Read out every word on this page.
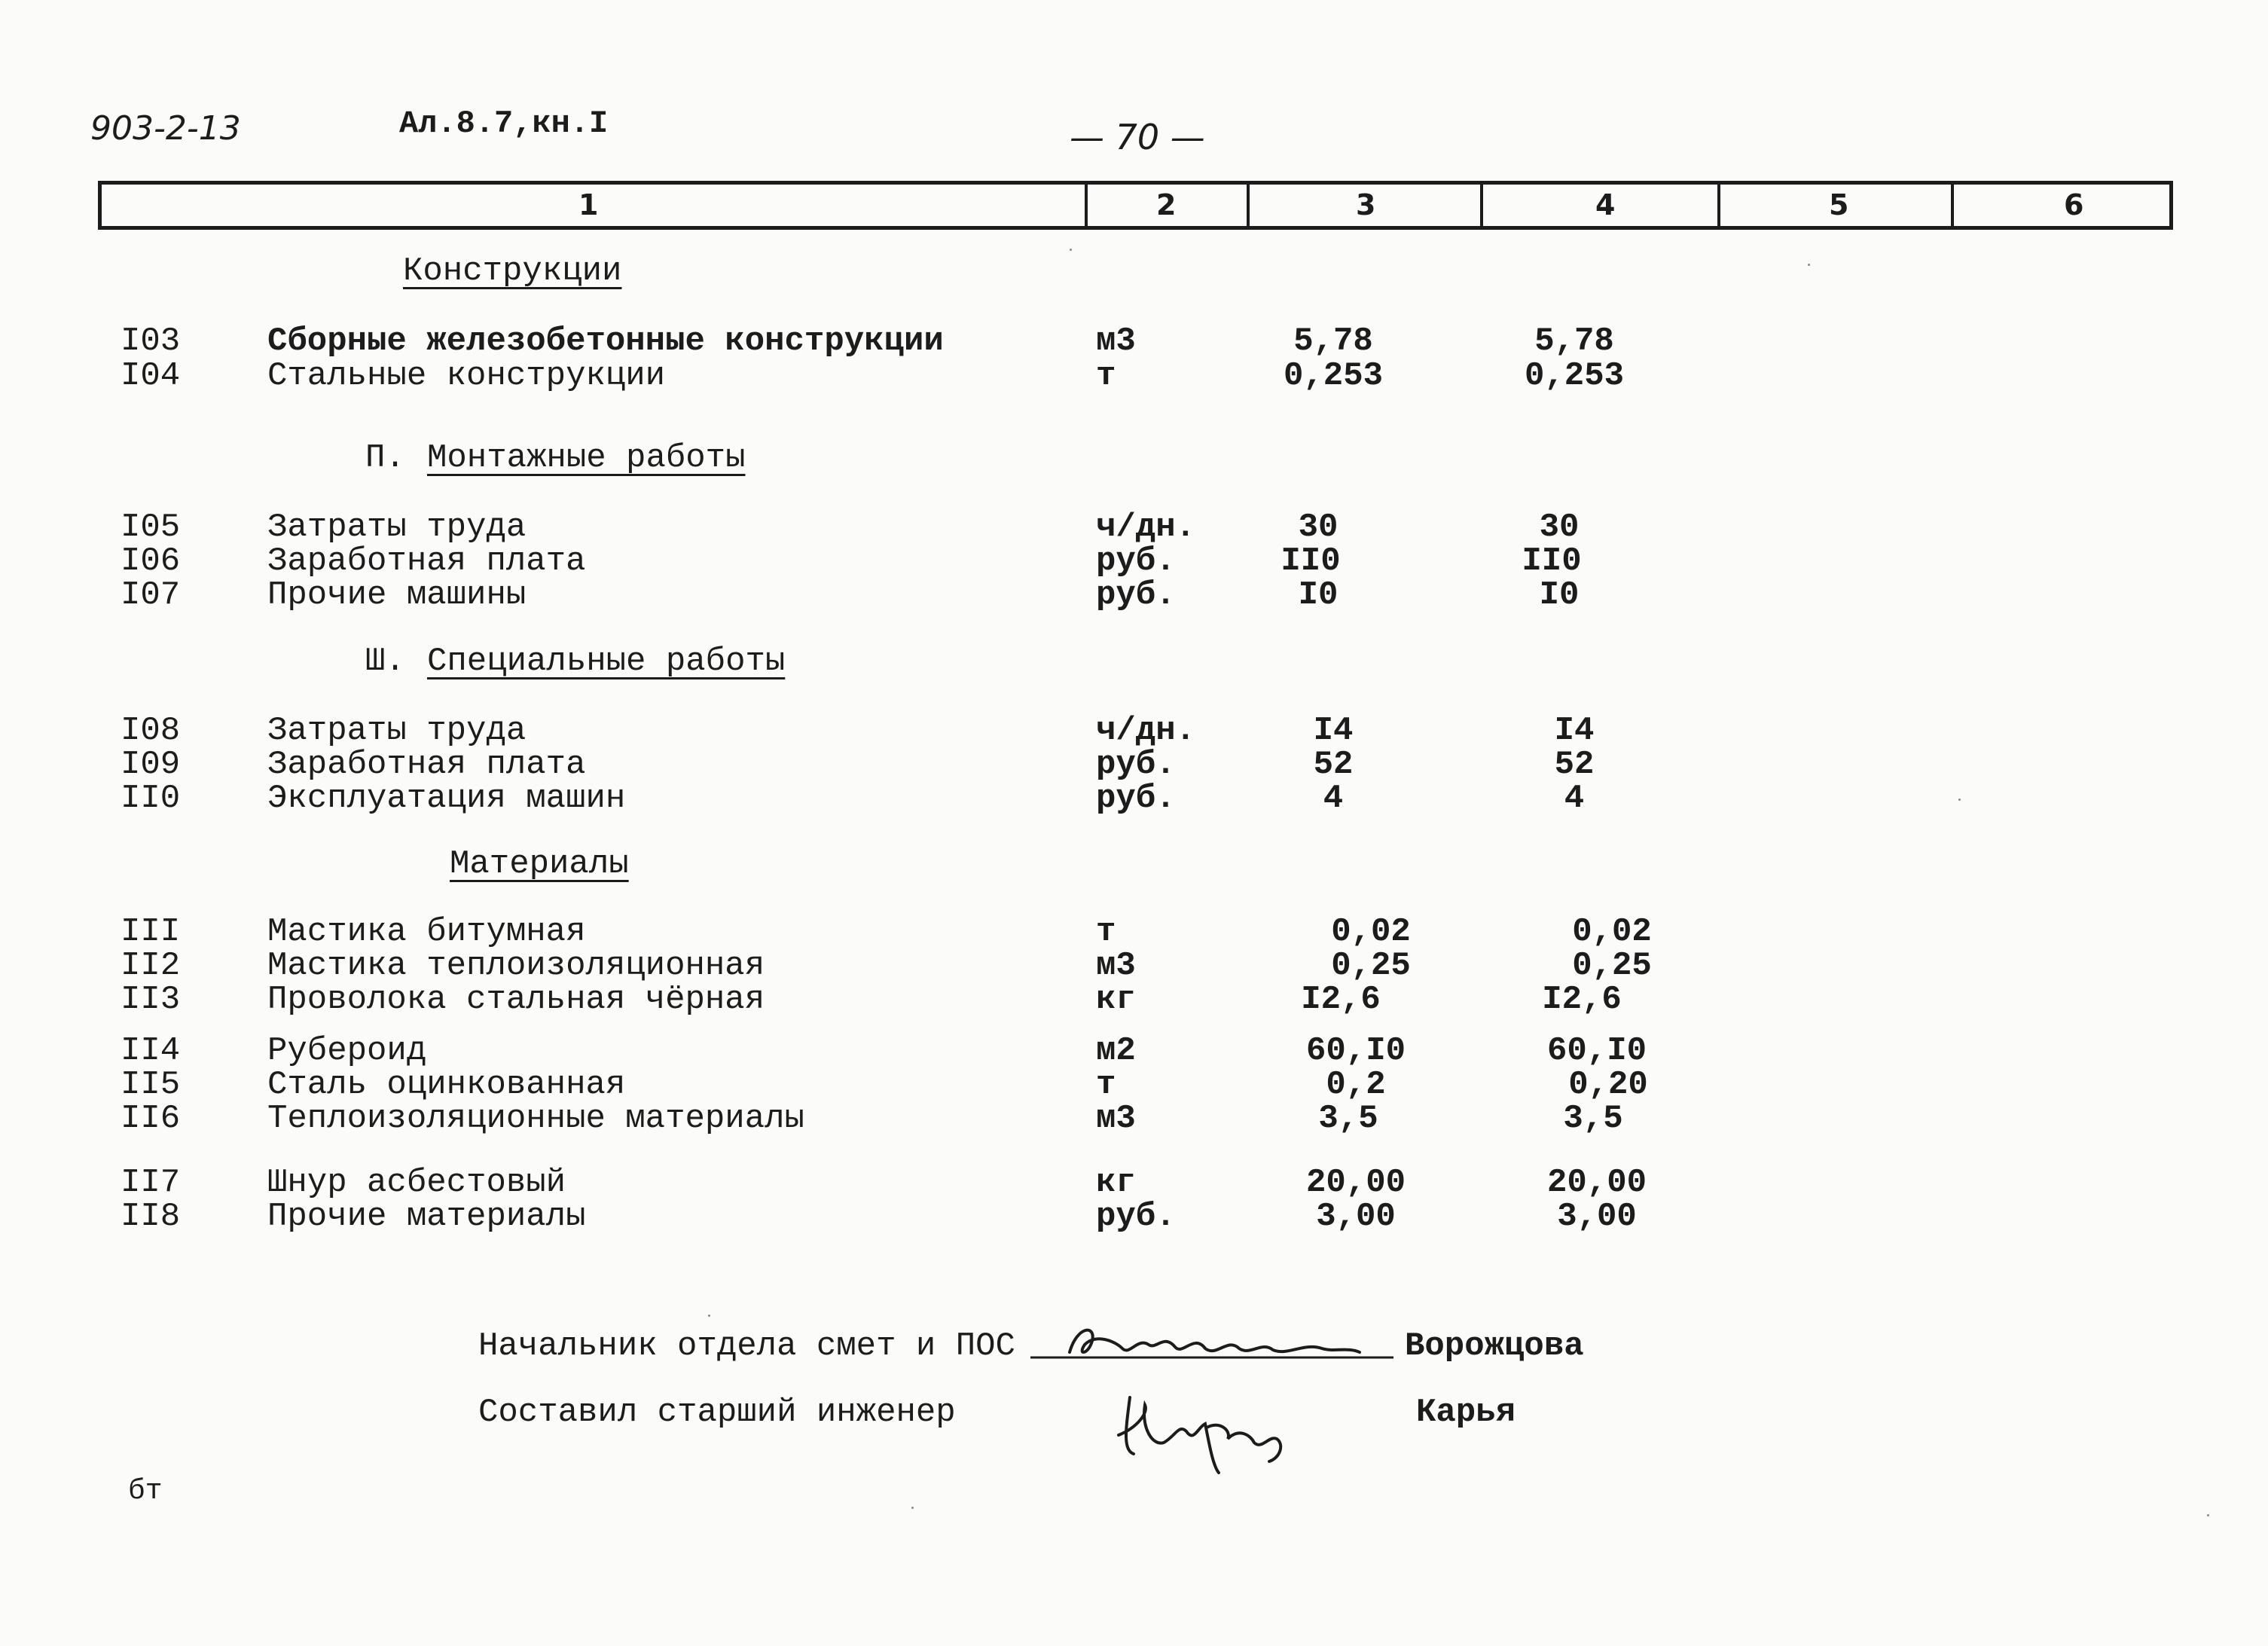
903-2-13	Ал.8.7,кн.I	— 70 —
1	2	3	4	5	6
Конструкции
I03	Сборные железобетонные конструкции	м3	5,78	5,78
I04	Стальные конструкции	т	0,253	0,253
П. Монтажные работы
I05	Затраты труда	ч/дн.	30	30
I06	Заработная плата	руб.	II0	II0
I07	Прочие машины	руб.	I0	I0
Ш. Специальные работы
I08	Затраты труда	ч/дн.	I4	I4
I09	Заработная плата	руб.	52	52
II0	Эксплуатация машин	руб.	4	4
Материалы
III	Мастика битумная	т	0,02	0,02
II2	Мастика теплоизоляционная	м3	0,25	0,25
II3	Проволока стальная чёрная	кг	I2,6	I2,6
II4	Рубероид	м2	60,I0	60,I0
II5	Сталь оцинкованная	т	0,2	0,20
II6	Теплоизоляционные материалы	м3	3,5	3,5
II7	Шнур асбестовый	кг	20,00	20,00
II8	Прочие материалы	руб.	3,00	3,00
Начальник отдела смет и ПОС	Ворожцова
Составил старший инженер	Карья
бт
